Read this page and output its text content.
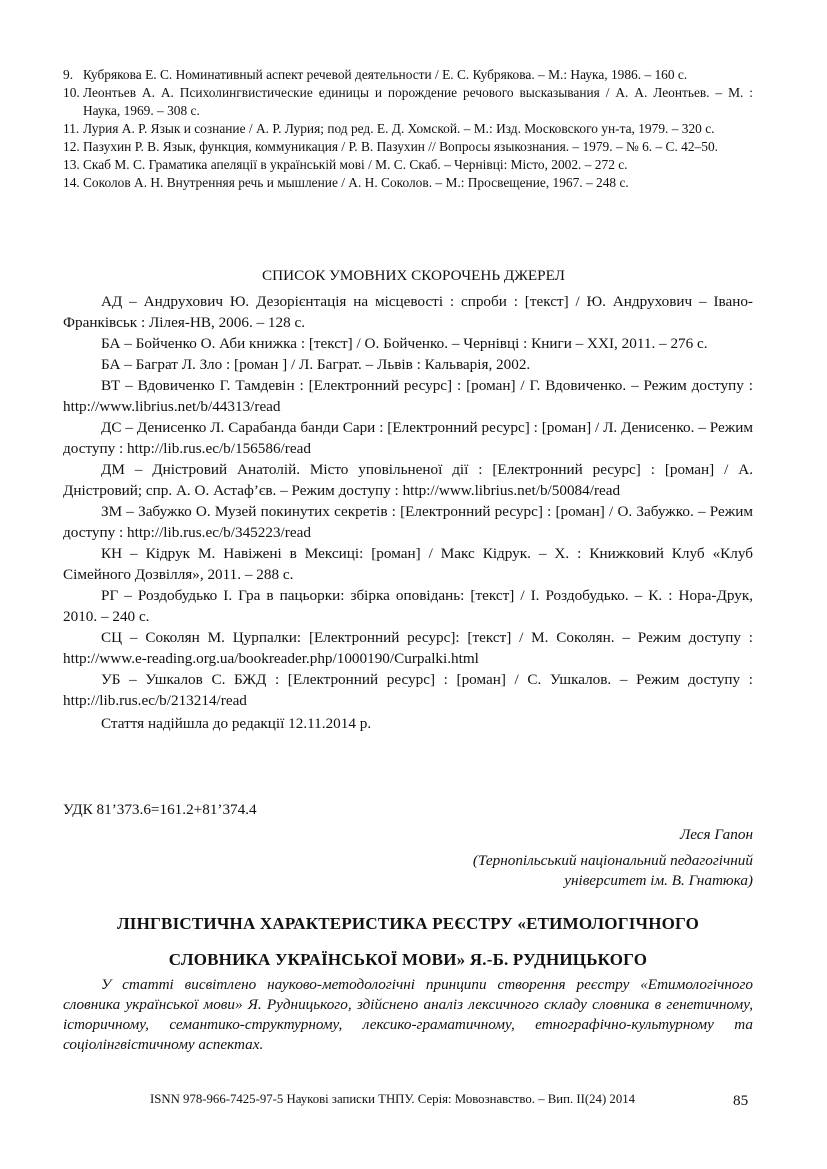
9. Кубрякова Е. С. Номинативный аспект речевой деятельности / Е. С. Кубрякова. – М.: Наука, 1986. – 160 с.
10. Леонтьев А. А. Психолингвистические единицы и порождение речового высказывания / А. А. Леонтьев. – М. : Наука, 1969. – 308 с.
11. Лурия А. Р. Язык и сознание / А. Р. Лурия; под ред. Е. Д. Хомской. – М.: Изд. Московского ун-та, 1979. – 320 с.
12. Пазухин Р. В. Язык, функция, коммуникация / Р. В. Пазухин // Вопросы языкознания. – 1979. – № 6. – С. 42–50.
13. Скаб М. С. Граматика апеляції в українській мові / М. С. Скаб. – Чернівці: Місто, 2002. – 272 с.
14. Соколов А. Н. Внутренняя речь и мышление / А. Н. Соколов. – М.: Просвещение, 1967. – 248 с.
СПИСОК УМОВНИХ СКОРОЧЕНЬ ДЖЕРЕЛ

АД – Андрухович Ю. Дезорієнтація на місцевості : спроби : [текст] / Ю. Андрухович – Івано-Франківськ : Лілея-НВ, 2006. – 128 с.

БА – Бойченко О. Аби книжка : [текст] / О. Бойченко. – Чернівці : Книги – ХХІ, 2011. – 276 с.

БА – Баграт Л. Зло : [роман ] / Л. Баграт. – Львів : Кальварія, 2002.

ВТ – Вдовиченко Г. Тамдевін : [Електронний ресурс] : [роман] / Г. Вдовиченко. – Режим доступу : http://www.librius.net/b/44313/read

ДС – Денисенко Л. Сарабанда банди Сари : [Електронний ресурс] : [роман] / Л. Денисенко. – Режим доступу : http://lib.rus.ec/b/156586/read

ДМ – Дністровий Анатолій. Місто уповільненої дії : [Електронний ресурс] : [роман] / А. Дністровий; спр. А. О. Астаф’єв. – Режим доступу : http://www.librius.net/b/50084/read

ЗМ – Забужко О. Музей покинутих секретів : [Електронний ресурс] : [роман] / О. Забужко. – Режим доступу : http://lib.rus.ec/b/345223/read

КН – Кідрук М. Навіжені в Мексиці: [роман] / Макс Кідрук. – Х. : Книжковий Клуб «Клуб Сімейного Дозвілля», 2011. – 288 с.

РГ – Роздобудько І. Гра в пацьорки: збірка оповідань: [текст] / І. Роздобудько. – К. : Нора-Друк, 2010. – 240 с.

СЦ – Соколян М. Цурпалки: [Електронний ресурс]: [текст] / М. Соколян. – Режим доступу : http://www.e-reading.org.ua/bookreader.php/1000190/Curpalki.html

УБ – Ушкалов С. БЖД : [Електронний ресурс] : [роман] / С. Ушкалов. – Режим доступу : http://lib.rus.ec/b/213214/read

Стаття надійшла до редакції 12.11.2014 р.
УДК 81’373.6=161.2+81’374.4
Леся Гапон
(Тернопільський національний педагогічний
університет ім. В. Гнатюка)
ЛІНГВІСТИЧНА ХАРАКТЕРИСТИКА РЕЄСТРУ «ЕТИМОЛОГІЧНОГО
СЛОВНИКА УКРАЇНСЬКОЇ МОВИ» Я.-Б. РУДНИЦЬКОГО

У статті висвітлено науково-методологічні принципи створення реєстру «Етимологічного словника української мови» Я. Рудницького, здійснено аналіз лексичного складу словника в генетичному, історичному, семантико-структурному, лексико-граматичному, етнографічно-культурному та соціолінгвістичному аспектах.

ISNN 978-966-7425-97-5 Наукові записки ТНПУ. Серія: Мовознавство. – Вип. ІІ(24) 2014	85
